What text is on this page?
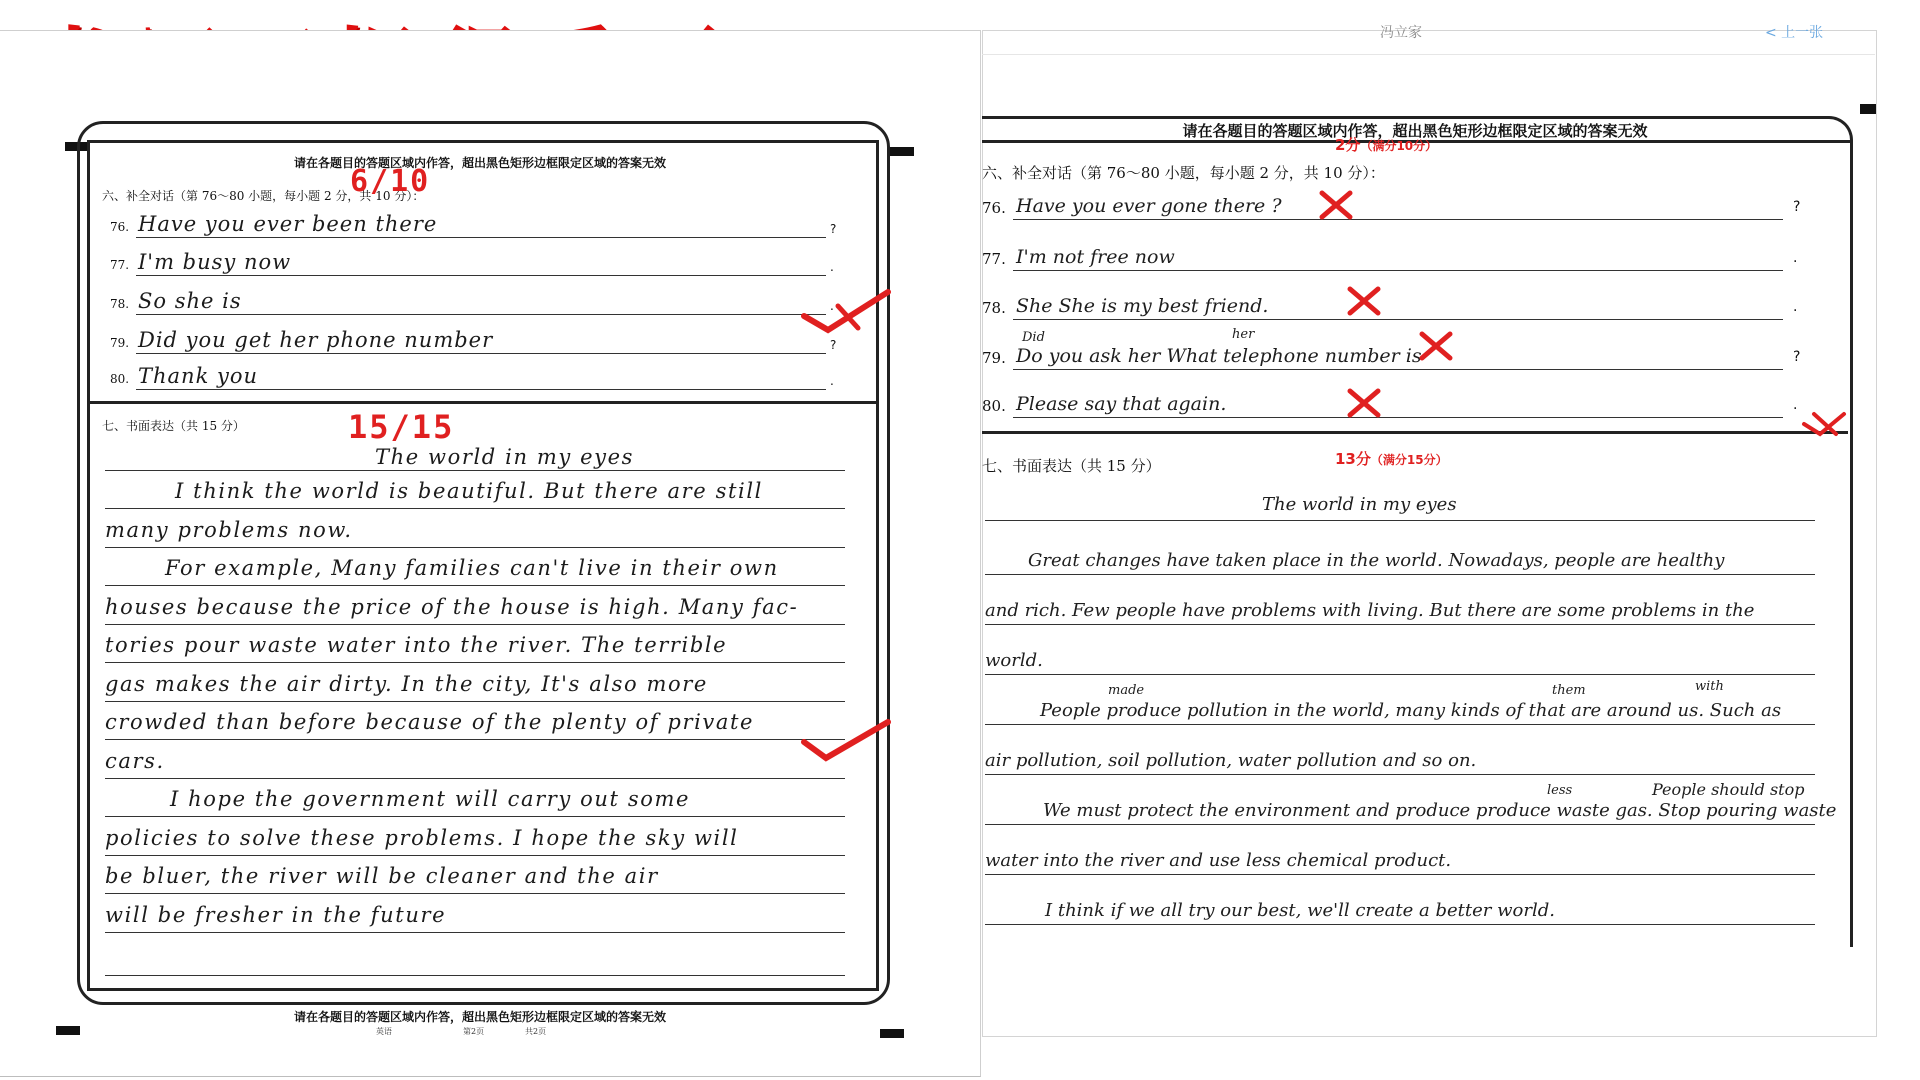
请在各题目的答题区域内作答，超出黑色矩形边框限定区域的答案无效
六、补全对话（第 76～80 小题，每小题 2 分，共 10 分）：
6/10
76. Have you ever been there	?
77. I'm busy now	.
78. So she is	.
79. Did you get her phone number	?
80. Thank you	.
七、书面表达（共 15 分）	15/15
The world in my eyes
I think the world is beautiful. But there are still
many problems now.
For example, Many families can't live in their own
houses because the price of the house is high. Many fac-
tories pour waste water into the river. The terrible
gas makes the air dirty. In the city, It's also more
crowded than before because of the plenty of private
cars.
I hope the government will carry out some
policies to solve these problems. I hope the sky will
be bluer, the river will be cleaner and the air
will be fresher in the future
请在各题目的答题区域内作答，超出黑色矩形边框限定区域的答案无效
英语	第2页	共2页
冯立家	< 上一张
请在各题目的答题区域内作答，超出黑色矩形边框限定区域的答案无效
2分（满分10分）
六、补全对话（第 76～80 小题，每小题 2 分，共 10 分）：
76. Have you ever gone there ?	?
77. I'm not free now	.
78. She She is my best friend.	.
79. Do you ask her What telephone number is	?
80. Please say that again.	.
Did	her
七、书面表达（共 15 分）	13分（满分15分）
The world in my eyes
Great changes have taken place in the world. Nowadays, people are healthy
and rich. Few people have problems with living. But there are some problems in the
world.
People produce pollution in the world, many kinds of that are around us. Such as
air pollution, soil pollution, water pollution and so on.
We must protect the environment and produce produce waste gas. Stop pouring waste
water into the river and use less chemical product.
I think if we all try our best, we'll create a better world.
made	them	with
less	People should stop
